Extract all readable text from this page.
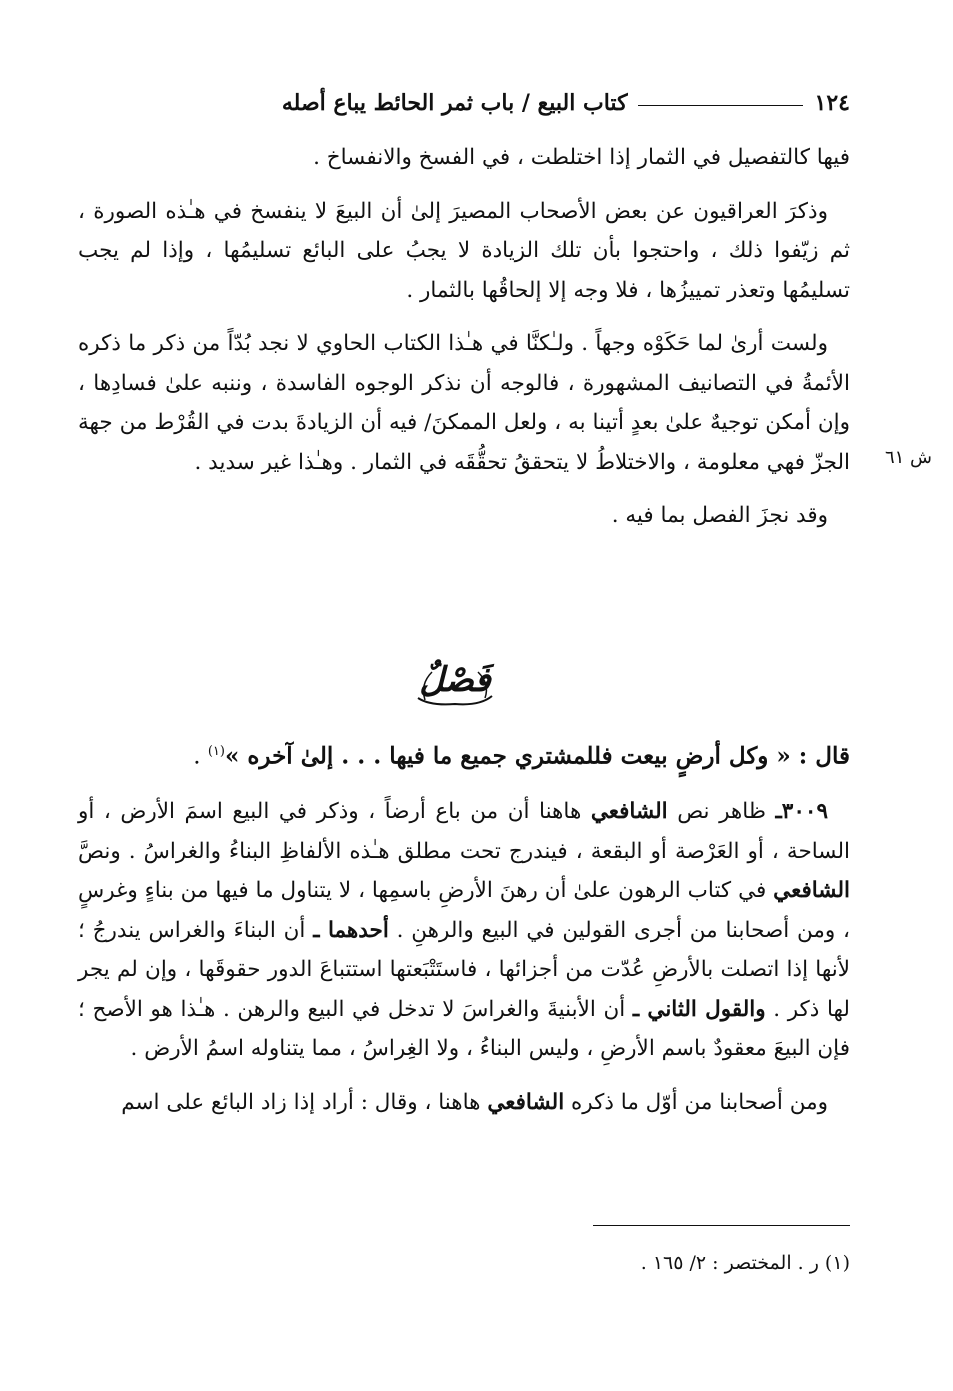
١٢٤
كتاب البيع / باب ثمر الحائط يباع أصله

فيها كالتفصيل في الثمار إذا اختلطت ، في الفسخ والانفساخ .

وذكرَ العراقيون عن بعض الأصحاب المصيرَ إلىٰ أن البيعَ لا ينفسخ في هـٰذه الصورة ، ثم زيّفوا ذلك ، واحتجوا بأن تلك الزيادة لا يجبُ على البائع تسليمُها ، وإذا لم يجب تسليمُها وتعذر تمييزُها ، فلا وجه إلا إلحاقُها بالثمار .

ولست أرىٰ لما حَكَوْه وجهاً . ولـٰكنَّا في هـٰذا الكتاب الحاوي لا نجد بُدّاً من ذكر ما ذكره الأئمةُ في التصانيف المشهورة ، فالوجه أن نذكر الوجوه الفاسدة ، وننبه علىٰ فسادِها ، وإن أمكن توجيهٌ علىٰ بعدٍ أتينا به ، ولعل الممكنَ/ فيه أن الزيادةَ بدت في القُرْط من جهة الجزّ فهي معلومة ، والاختلاطُ لا يتحققُ تحقُّقَه في الثمار . وهـٰذا غير سديد .

وقد نجزَ الفصل بما فيه .

ش ٦١
فَصْلٌ
قال : « وكل أرضٍ بيعت فللمشتري جميع ما فيها . . . إلىٰ آخره »$^{(١)}$ .

٣٠٠٩ـ ظاهر نص الشافعي هاهنا أن من باع أرضاً ، وذكر في البيع اسمَ الأرض ، أو الساحة ، أو العَرْصة أو البقعة ، فيندرج تحت مطلق هـٰذه الألفاظِ البناءُ والغراسُ . ونصَّ الشافعي في كتاب الرهون علىٰ أن رهنَ الأرضِ باسمِها ، لا يتناول ما فيها من بناءٍ وغرسٍ ، ومن أصحابنا من أجرى القولين في البيع والرهنِ . أحدهما ـ أن البناءَ والغراس يندرجُ ؛ لأنها إذا اتصلت بالأرضِ عُدّت من أجزائها ، فاستَتْبَعتها استتباعَ الدور حقوقَها ، وإن لم يجر لها ذكر . والقول الثاني ـ أن الأبنيةَ والغراسَ لا تدخل في البيع والرهن . هـٰذا هو الأصح ؛ فإن البيعَ معقودٌ باسم الأرضِ ، وليس البناءُ ، ولا الغِراسُ ، مما يتناوله اسمُ الأرض .

ومن أصحابنا من أوّل ما ذكره الشافعي هاهنا ، وقال : أراد إذا زاد البائع على اسم

(١) ر . المختصر : ٢/ ١٦٥ .
